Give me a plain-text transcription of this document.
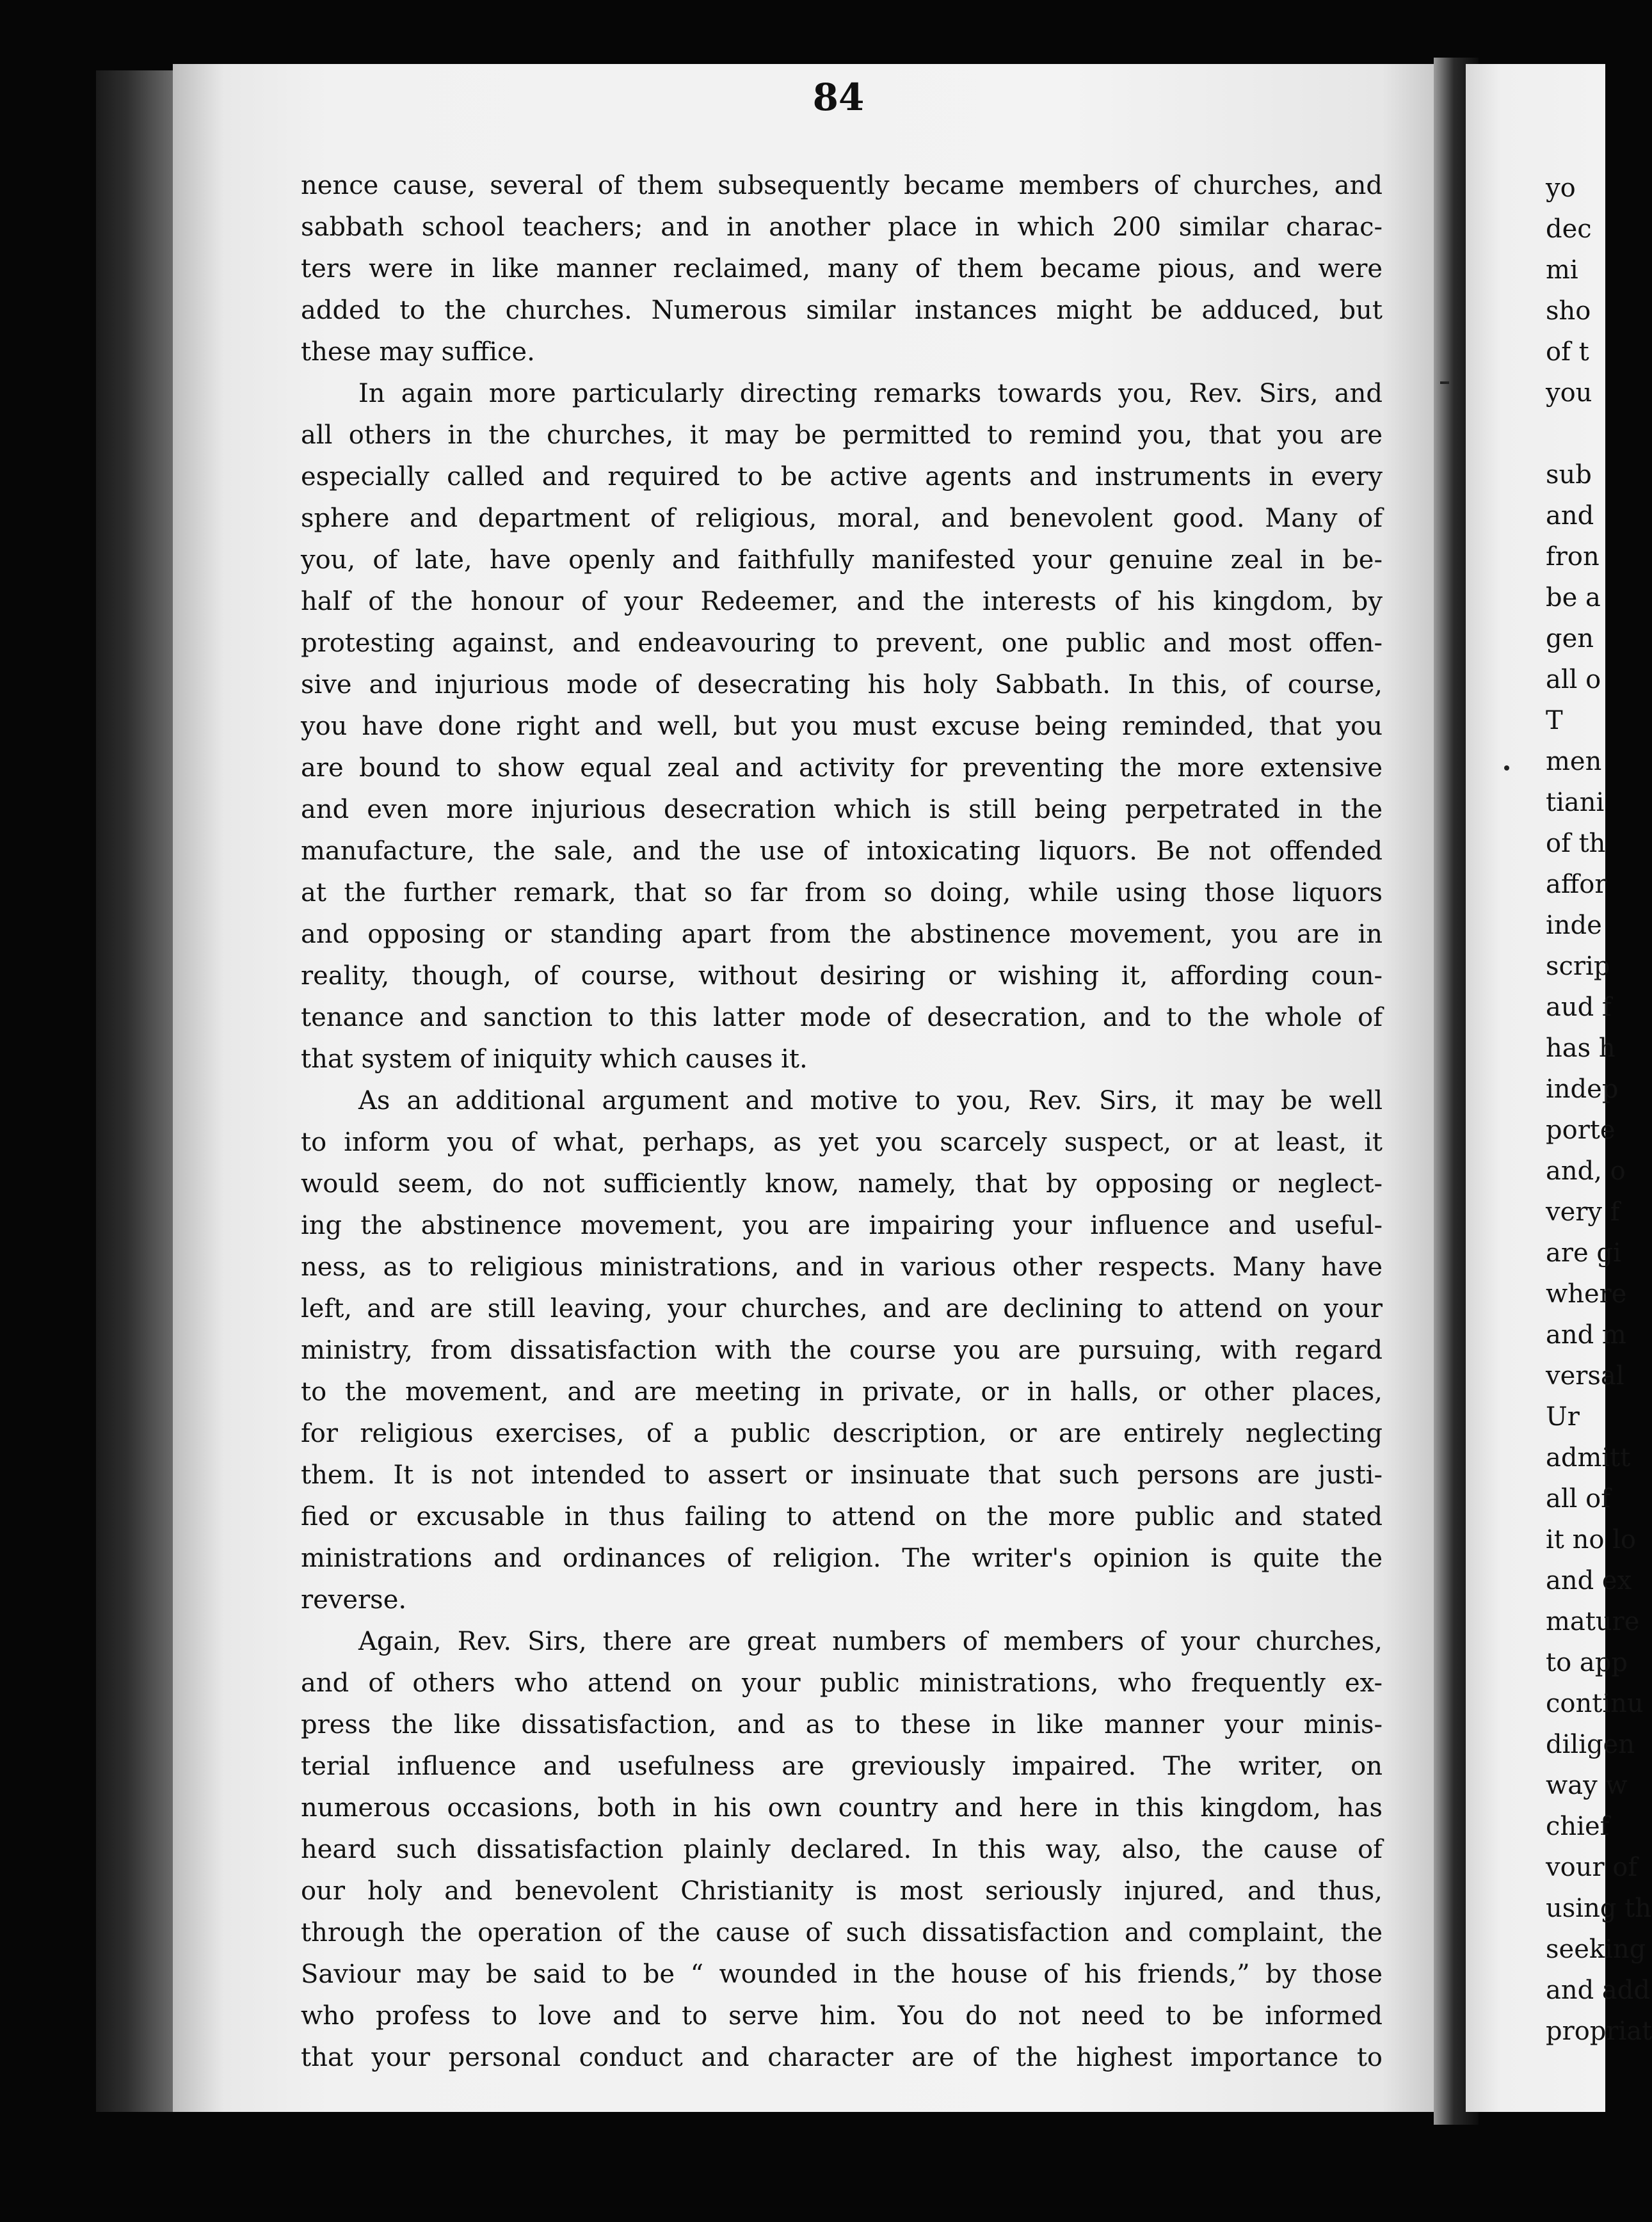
84
nence cause, several of them subsequently became members of churches, and
sabbath school teachers; and in another place in which 200 similar charac-
ters were in like manner reclaimed, many of them became pious, and were
added to the churches. Numerous similar instances might be adduced, but
these may suffice.
In again more particularly directing remarks towards you, Rev. Sirs, and
all others in the churches, it may be permitted to remind you, that you are
especially called and required to be active agents and instruments in every
sphere and department of religious, moral, and benevolent good. Many of
you, of late, have openly and faithfully manifested your genuine zeal in be-
half of the honour of your Redeemer, and the interests of his kingdom, by
protesting against, and endeavouring to prevent, one public and most offen-
sive and injurious mode of desecrating his holy Sabbath. In this, of course,
you have done right and well, but you must excuse being reminded, that you
are bound to show equal zeal and activity for preventing the more extensive
and even more injurious desecration which is still being perpetrated in the
manufacture, the sale, and the use of intoxicating liquors. Be not offended
at the further remark, that so far from so doing, while using those liquors
and opposing or standing apart from the abstinence movement, you are in
reality, though, of course, without desiring or wishing it, affording coun-
tenance and sanction to this latter mode of desecration, and to the whole of
that system of iniquity which causes it.
As an additional argument and motive to you, Rev. Sirs, it may be well
to inform you of what, perhaps, as yet you scarcely suspect, or at least, it
would seem, do not sufficiently know, namely, that by opposing or neglect-
ing the abstinence movement, you are impairing your influence and useful-
ness, as to religious ministrations, and in various other respects. Many have
left, and are still leaving, your churches, and are declining to attend on your
ministry, from dissatisfaction with the course you are pursuing, with regard
to the movement, and are meeting in private, or in halls, or other places,
for religious exercises, of a public description, or are entirely neglecting
them. It is not intended to assert or insinuate that such persons are justi-
fied or excusable in thus failing to attend on the more public and stated
ministrations and ordinances of religion. The writer's opinion is quite the
reverse.
Again, Rev. Sirs, there are great numbers of members of your churches,
and of others who attend on your public ministrations, who frequently ex-
press the like dissatisfaction, and as to these in like manner your minis-
terial influence and usefulness are greviously impaired. The writer, on
numerous occasions, both in his own country and here in this kingdom, has
heard such dissatisfaction plainly declared. In this way, also, the cause of
our holy and benevolent Christianity is most seriously injured, and thus,
through the operation of the cause of such dissatisfaction and complaint, the
Saviour may be said to be “ wounded in the house of his friends,” by those
who profess to love and to serve him. You do not need to be informed
that your personal conduct and character are of the highest importance to
yo
dec
mi
sho
of t
you
sub
and
fron
be a
gen
all o
T
men
tiani
of th
affor
inde
scrip
aud f
has h
indep
porte
and, o
very f
are gi
where
and m
versal
Ur
admitt
all of
it no lo
and ex
mature
to app
continu
diligen
way w
chief
vour of
using th
seeking
and add
propriat
